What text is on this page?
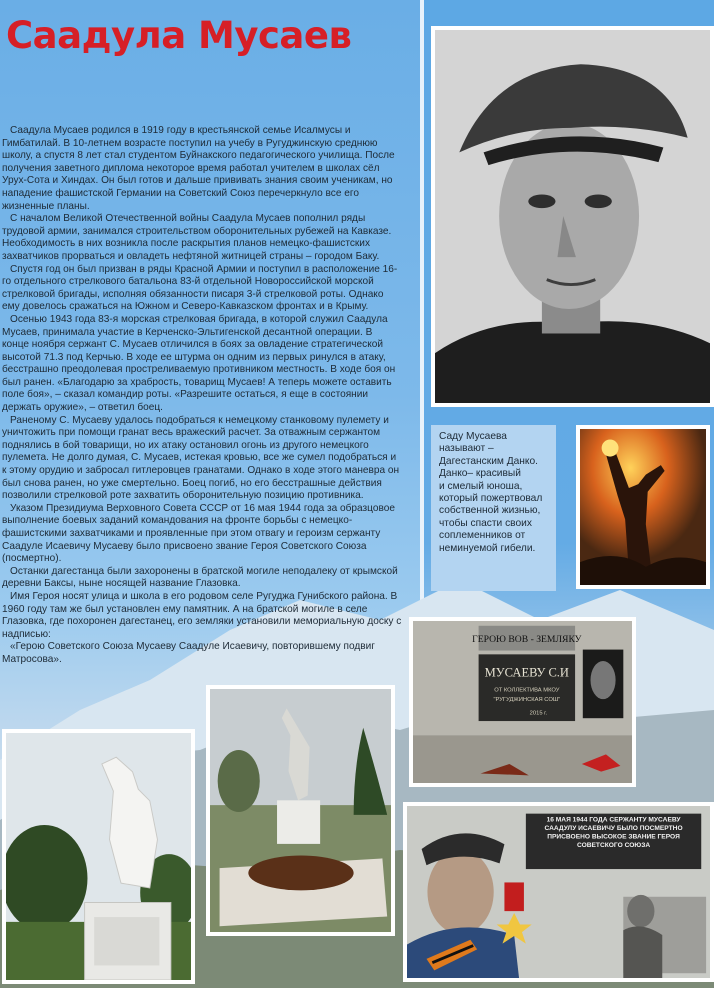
Саадула Мусаев

Саадула Мусаев родился в 1919 году в крестьянской семье Исалмусы и Гимбатилай. В 10-летнем возрасте поступил на учебу в Ругуджинскую среднюю школу, а спустя 8 лет стал студентом Буйнакского педагогического училища. После получения заветного диплома некоторое время работал учителем в школах сёл Урух-Сота и Хиндах. Он был готов и дальше прививать знания своим ученикам, но нападение фашистской Германии на Советский Союз перечеркнуло все его жизненные планы.

С началом Великой Отечественной войны Саадула Мусаев пополнил ряды трудовой армии, занимался строительством оборонительных рубежей на Кавказе. Необходимость в них возникла после раскрытия планов немецко-фашистских захватчиков прорваться и овладеть нефтяной житницей страны – городом Баку.

Спустя год он был призван в ряды Красной Армии и поступил в расположение 16-го отдельного стрелкового батальона 83-й отдельной Новороссийской морской стрелковой бригады, исполняя обязанности писаря 3-й стрелковой роты. Однако ему довелось сражаться на Южном и Северо-Кавказском фронтах и в Крыму.

Осенью 1943 года 83-я морская стрелковая бригада, в которой служил Саадула Мусаев, принимала участие в Керченско-Эльтигенской десантной операции. В конце ноября сержант С. Мусаев отличился в боях за овладение стратегической высотой 71.3 под Керчью. В ходе ее штурма он одним из первых ринулся в атаку, бесстрашно преодолевая простреливаемую противником местность. В ходе боя он был ранен. «Благодарю за храбрость, товарищ Мусаев! А теперь можете оставить поле боя», – сказал командир роты. «Разрешите остаться, я еще в состоянии держать оружие», – ответил боец.

Раненому С. Мусаеву удалось подобраться к немецкому станковому пулемету и уничтожить при помощи гранат весь вражеский расчет. За отважным сержантом поднялись в бой товарищи, но их атаку остановил огонь из другого немецкого пулемета. Не долго думая, С. Мусаев, истекая кровью, все же сумел подобраться и к этому орудию и забросал гитлеровцев гранатами. Однако в ходе этого маневра он был снова ранен, но уже смертельно. Боец погиб, но его бесстрашные действия позволили стрелковой роте захватить оборонительную позицию противника.

Указом Президиума Верховного Совета СССР от 16 мая 1944 года за образцовое выполнение боевых заданий командования на фронте борьбы с немецко-фашистскими захватчиками и проявленные при этом отвагу и героизм сержанту Саадуле Исаевичу Мусаеву было присвоено звание Героя Советского Союза (посмертно).

Останки дагестанца были захоронены в братской могиле неподалеку от крымской деревни Баксы, ныне носящей название Глазовка.

Имя Героя носят улица и школа в его родовом селе Ругуджа Гунибского района. В 1960 году там же был установлен ему памятник. А на братской могиле в селе Глазовка, где похоронен дагестанец, его земляки установили мемориальную доску с надписью:

«Герою Советского Союза Мусаеву Саадуле Исаевичу, повторившему подвиг Матросова».

Саду Мусаева

называют –

Дагестанским Данко.

Данко– красивый

и смелый юноша,

который пожертвовал

собственной жизнью,

чтобы спасти своих

соплеменников от

неминуемой гибели.

ГЕРОЮ ВОВ - ЗЕМЛЯКУ
МУСАЕВУ С.И
ОТ КОЛЛЕКТИВА МКОУ
"РУГУДЖИНСКАЯ СОШ"
2015 г.
16 МАЯ 1944 ГОДА СЕРЖАНТУ МУСАЕВУ СААДУЛУ ИСАЕВИЧУ БЫЛО ПОСМЕРТНО ПРИСВОЕНО ВЫСОКОЕ ЗВАНИЕ ГЕРОЯ СОВЕТСКОГО СОЮЗА
